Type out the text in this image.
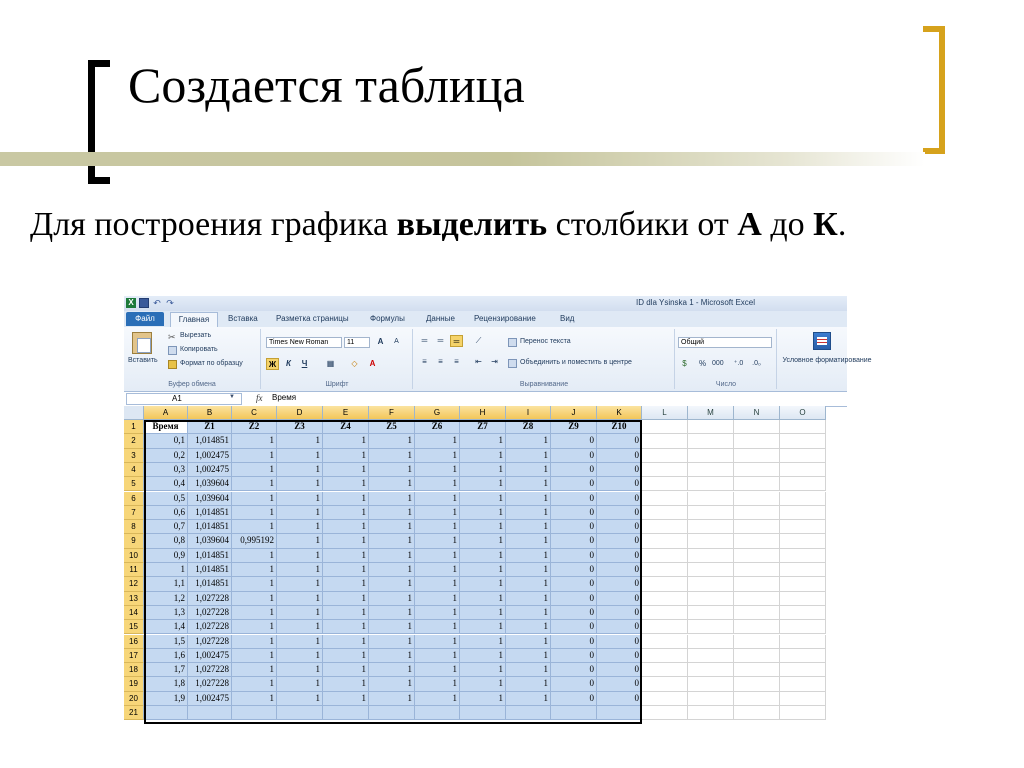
Создается таблица
Для построения графика выделить столбики от А до К.
X ↶ ↷	ID dla Ysinska 1 - Microsoft Excel
Файл	Главная	Вставка Разметка страницы	Формулы	Данные Рецензирование	Вид
Вставить
✂ Вырезать
Копировать
Формат по образцу
Буфер обмена
Times New Roman	11	A	A
Ж	К	Ч	▦	◇	A
Шрифт
═	═	═	⟋
≡	≡	≡	⇤	⇥
Перенос текста
Объединить и поместить в центре
Выравнивание
Общий
$	% 000 ⁺.0	.0₀
Число
Условное форматирование
A1	▼ fx Время
A	B	C	D	E	F	G	H	I	J	K	L	M	N	O
1	Время	Z1	Z2	Z3	Z4	Z5	Z6	Z7	Z8	Z9	Z10
2	0,1	1,014851	1	1	1	1	1	1	1	0	0
3	0,2	1,002475	1	1	1	1	1	1	1	0	0
4	0,3	1,002475	1	1	1	1	1	1	1	0	0
5	0,4	1,039604	1	1	1	1	1	1	1	0	0
6	0,5	1,039604	1	1	1	1	1	1	1	0	0
7	0,6	1,014851	1	1	1	1	1	1	1	0	0
8	0,7	1,014851	1	1	1	1	1	1	1	0	0
9	0,8	1,039604	0,995192	1	1	1	1	1	1	0	0
10	0,9	1,014851	1	1	1	1	1	1	1	0	0
11	1	1,014851	1	1	1	1	1	1	1	0	0
12	1,1	1,014851	1	1	1	1	1	1	1	0	0
13	1,2	1,027228	1	1	1	1	1	1	1	0	0
14	1,3	1,027228	1	1	1	1	1	1	1	0	0
15	1,4	1,027228	1	1	1	1	1	1	1	0	0
16	1,5	1,027228	1	1	1	1	1	1	1	0	0
17	1,6	1,002475	1	1	1	1	1	1	1	0	0
18	1,7	1,027228	1	1	1	1	1	1	1	0	0
19	1,8	1,027228	1	1	1	1	1	1	1	0	0
20	1,9	1,002475	1	1	1	1	1	1	1	0	0
21
